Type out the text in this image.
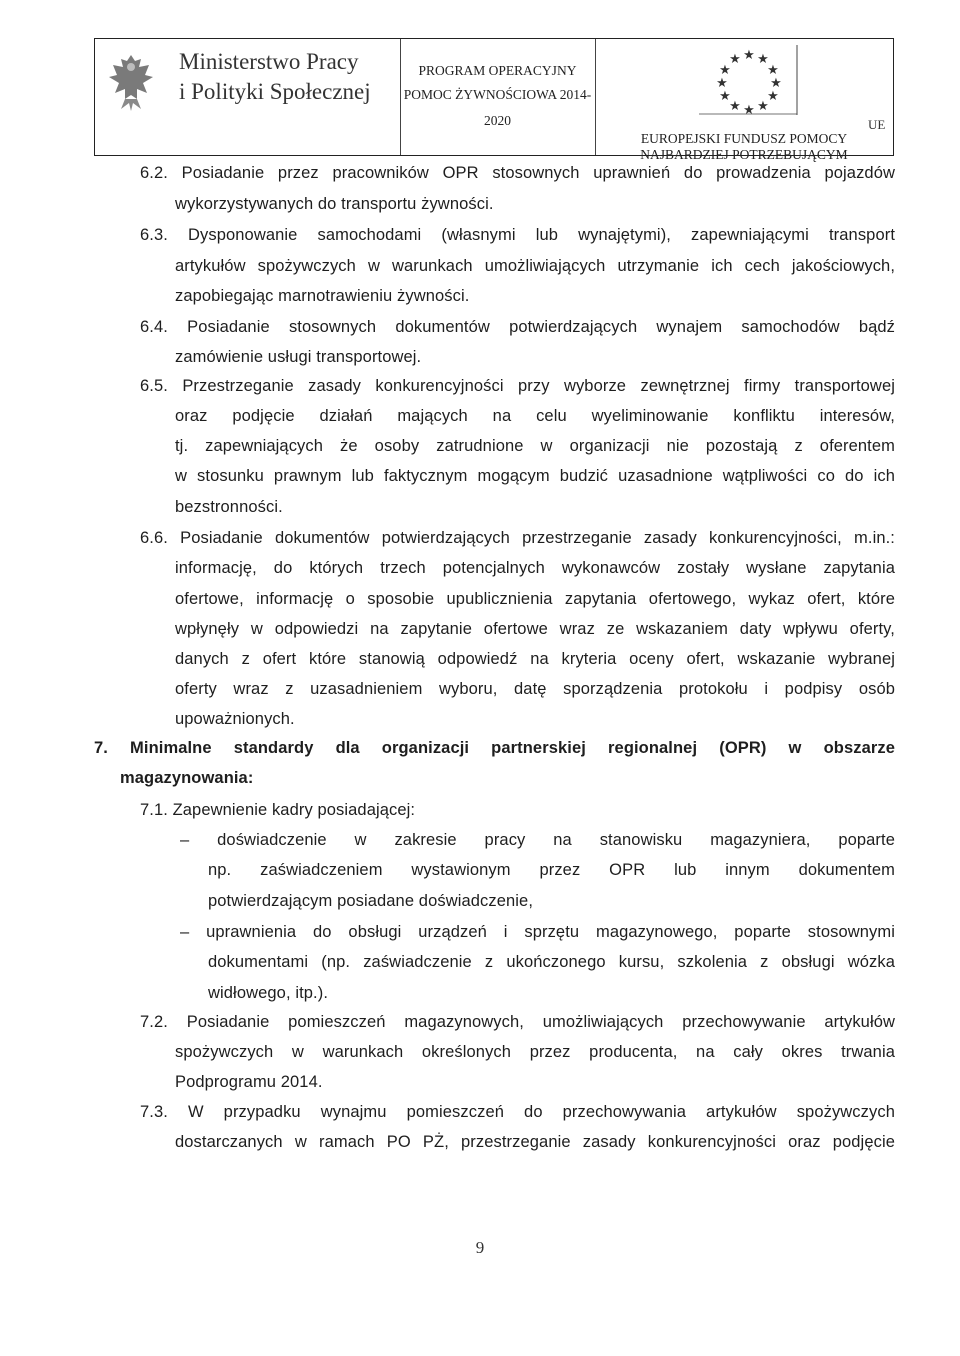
Ministerstwo Pracy
i Polityki Społecznej
PROGRAM OPERACYJNY
POMOC ŻYWNOŚCIOWA 2014-
2020
★ ★
★
★
★
★
★
★
★
★
★
★
UE
EUROPEJSKI FUNDUSZ POMOCY
NAJBARDZIEJ POTRZEBUJĄCYM
6.2. Posiadanie przez pracowników OPR stosownych uprawnień do prowadzenia pojazdów
wykorzystywanych do transportu żywności.
6.3. Dysponowanie samochodami (własnymi lub wynajętymi), zapewniającymi transport
artykułów spożywczych w warunkach umożliwiających utrzymanie ich cech jakościowych,
zapobiegając marnotrawieniu żywności.
6.4. Posiadanie stosownych dokumentów potwierdzających wynajem samochodów bądź
zamówienie usługi transportowej.
6.5. Przestrzeganie zasady konkurencyjności przy wyborze zewnętrznej firmy transportowej
oraz podjęcie działań mających na celu wyeliminowanie konfliktu interesów,
tj. zapewniających że osoby zatrudnione w organizacji nie pozostają z oferentem
w stosunku prawnym lub faktycznym mogącym budzić uzasadnione wątpliwości co do ich
bezstronności.
6.6. Posiadanie dokumentów potwierdzających przestrzeganie zasady konkurencyjności, m.in.:
informację, do których trzech potencjalnych wykonawców zostały wysłane zapytania
ofertowe, informację o sposobie upublicznienia zapytania ofertowego, wykaz ofert, które
wpłynęły w odpowiedzi na zapytanie ofertowe wraz ze wskazaniem daty wpływu oferty,
danych z ofert które stanowią odpowiedź na kryteria oceny ofert, wskazanie wybranej
oferty wraz z uzasadnieniem wyboru, datę sporządzenia protokołu i podpisy osób
upoważnionych.
7. Minimalne standardy dla organizacji partnerskiej regionalnej (OPR) w obszarze
magazynowania:
7.1. Zapewnienie kadry posiadającej:
– doświadczenie w zakresie pracy na stanowisku magazyniera, poparte
np. zaświadczeniem wystawionym przez OPR lub innym dokumentem
potwierdzającym posiadane doświadczenie,
– uprawnienia do obsługi urządzeń i sprzętu magazynowego, poparte stosownymi
dokumentami (np. zaświadczenie z ukończonego kursu, szkolenia z obsługi wózka
widłowego, itp.).
7.2. Posiadanie pomieszczeń magazynowych, umożliwiających przechowywanie artykułów
spożywczych w warunkach określonych przez producenta, na cały okres trwania
Podprogramu 2014.
7.3. W przypadku wynajmu pomieszczeń do przechowywania artykułów spożywczych
dostarczanych w ramach PO PŻ, przestrzeganie zasady konkurencyjności oraz podjęcie
9
